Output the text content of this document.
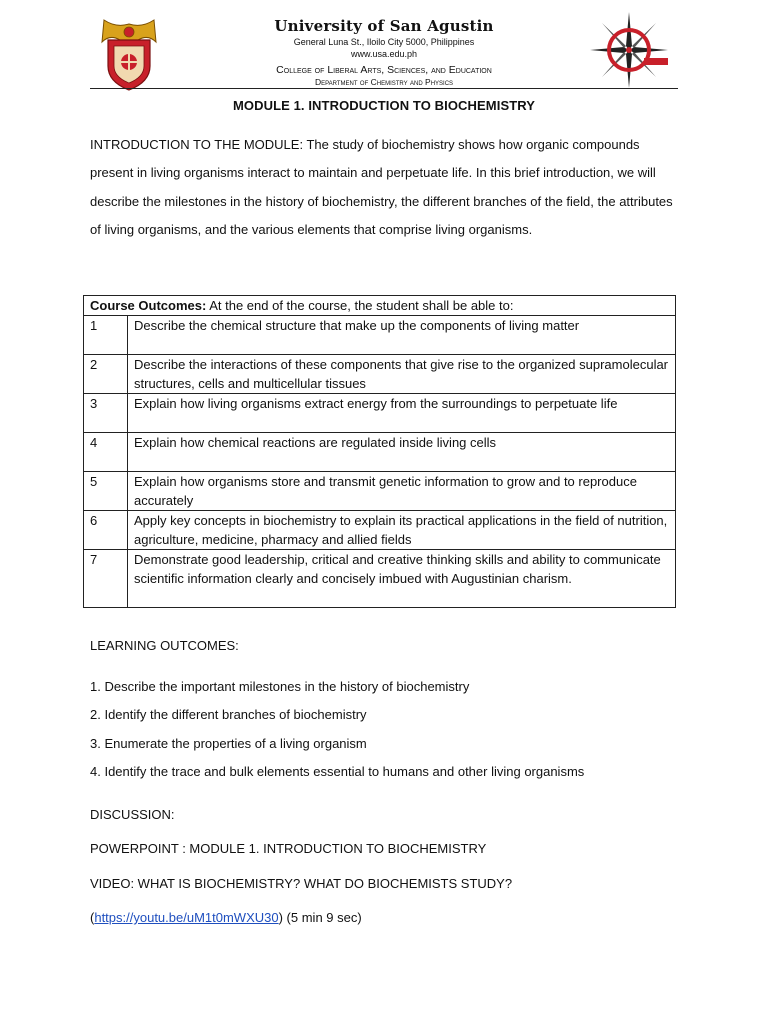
University of San Agustin
General Luna St., Iloilo City 5000, Philippines
www.usa.edu.ph
College of Liberal Arts, Sciences, and Education
Department of Chemistry and Physics
MODULE 1. INTRODUCTION TO BIOCHEMISTRY
INTRODUCTION TO THE MODULE: The study of biochemistry shows how organic compounds present in living organisms interact to maintain and perpetuate life. In this brief introduction, we will describe the milestones in the history of biochemistry, the different branches of the field, the attributes of living organisms, and the various elements that comprise living organisms.
Course Outcomes: At the end of the course, the student shall be able to:	
1	Describe the chemical structure that make up the components of living matter
2	Describe the interactions of these components that give rise to the organized supramolecular structures, cells and multicellular tissues
3	Explain how living organisms extract energy from the surroundings to perpetuate life
4	Explain how chemical reactions are regulated inside living cells
5	Explain how organisms store and transmit genetic information to grow and to reproduce accurately
6	Apply key concepts in biochemistry to explain its practical applications in the field of nutrition, agriculture, medicine, pharmacy and allied fields
7	Demonstrate good leadership, critical and creative thinking skills and ability to communicate scientific information clearly and concisely imbued with Augustinian charism.
LEARNING OUTCOMES:
1. Describe the important milestones in the history of biochemistry
2. Identify the different branches of biochemistry
3. Enumerate the properties of a living organism
4. Identify the trace and bulk elements essential to humans and other living organisms
DISCUSSION:
POWERPOINT : MODULE 1. INTRODUCTION TO BIOCHEMISTRY
VIDEO: WHAT IS BIOCHEMISTRY? WHAT DO BIOCHEMISTS STUDY?
(https://youtu.be/uM1t0mWXU30) (5 min 9 sec)
